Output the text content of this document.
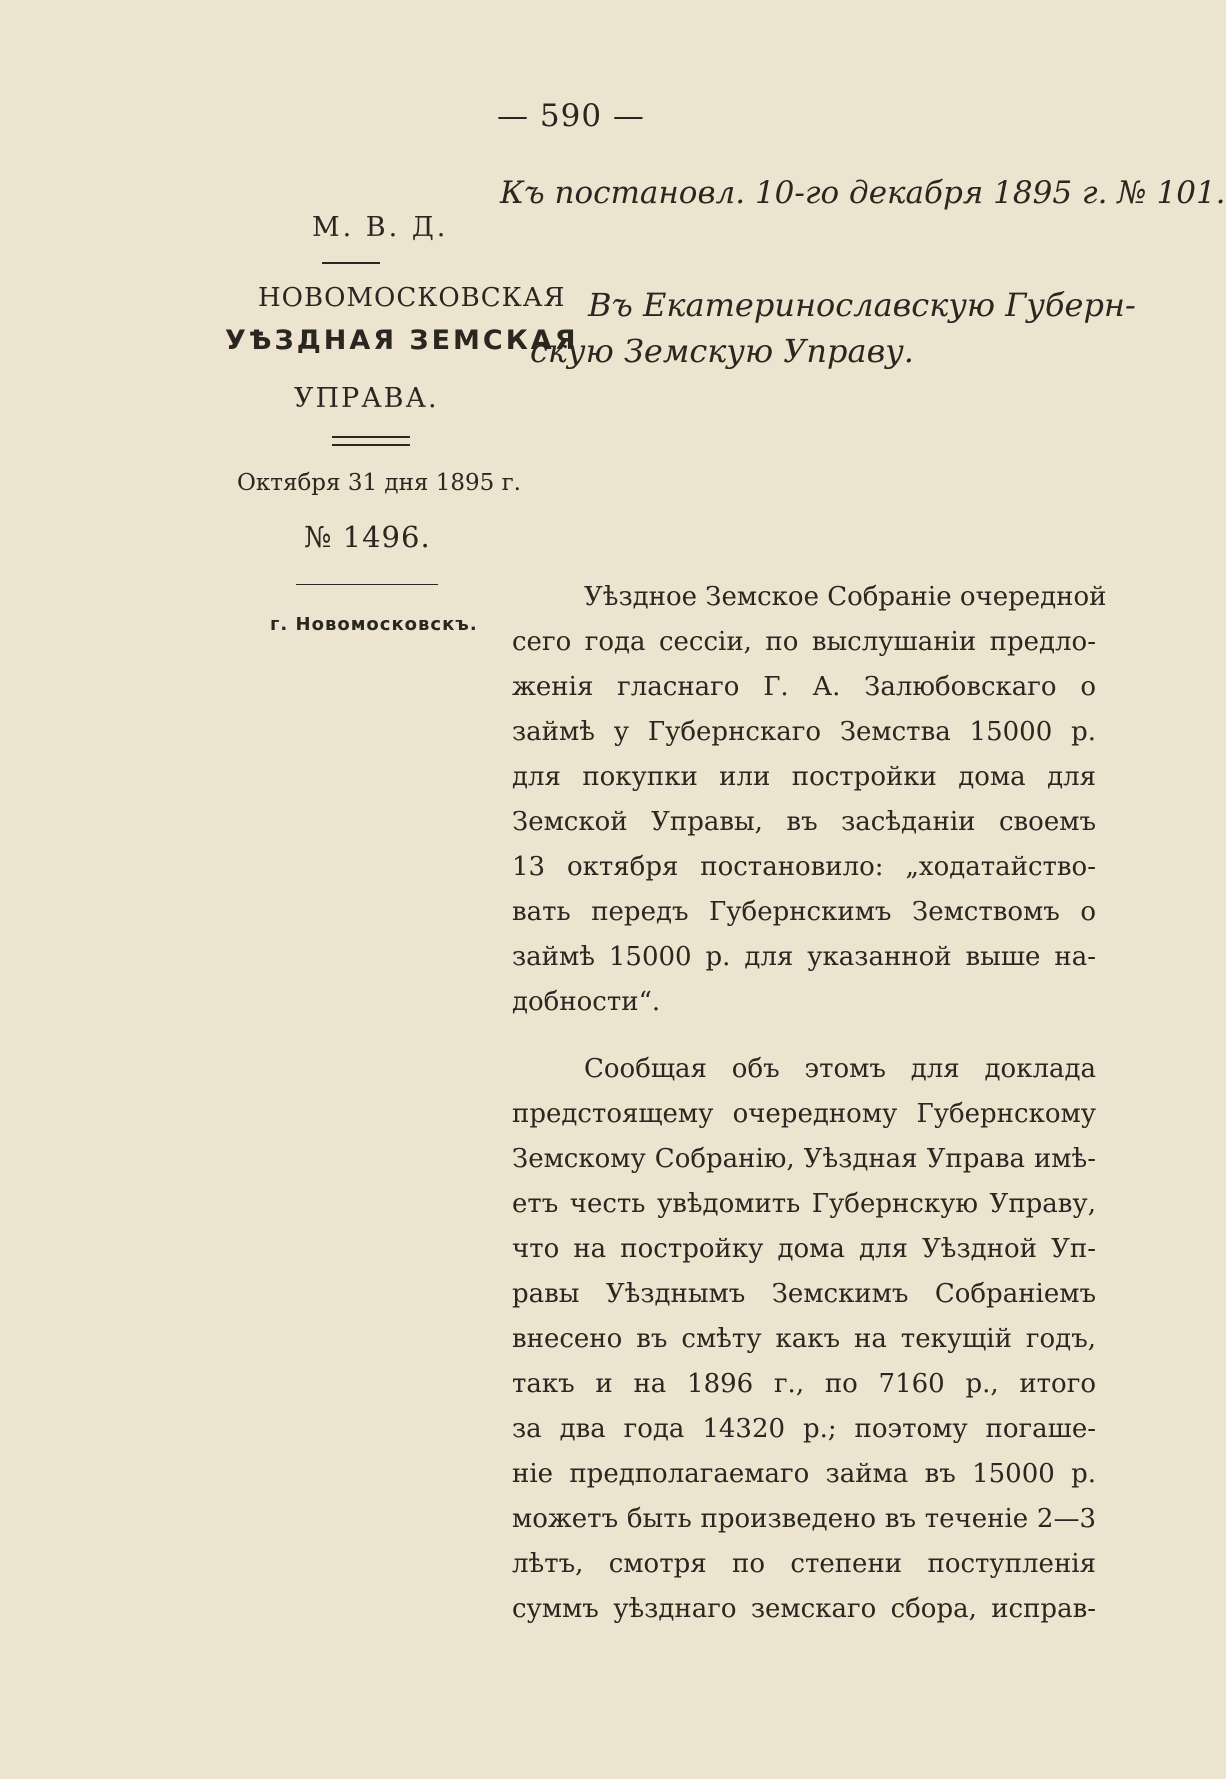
— 590 —
Къ постановл. 10-го декабря 1895 г. № 101.
М. В. Д.
НОВОМОСКОВСКАЯ
УѢЗДНАЯ ЗЕМСКАЯ
УПРАВА.
Октября 31 дня 1895 г.
№ 1496.
г. Новомосковскъ.
Въ Екатеринославскую Губерн-
скую Земскую Управу.
Уѣздное Земское Собраніе очередной
сего года сессіи, по выслушаніи предло-
женія гласнаго Г. А. Залюбовскаго о
займѣ у Губернскаго Земства 15000 р.
для покупки или постройки дома для
Земской Управы, въ засѣданіи своемъ
13 октября постановило: „ходатайство-
вать передъ Губернскимъ Земствомъ о
займѣ 15000 р. для указанной выше на-
добности“.
Сообщая объ этомъ для доклада
предстоящему очередному Губернскому
Земскому Собранію, Уѣздная Управа имѣ-
етъ честь увѣдомить Губернскую Управу,
что на постройку дома для Уѣздной Уп-
равы Уѣзднымъ Земскимъ Собраніемъ
внесено въ смѣту какъ на текущій годъ,
такъ и на 1896 г., по 7160 р., итого
за два года 14320 р.; поэтому погаше-
ніе предполагаемаго займа въ 15000 р.
можетъ быть произведено въ теченіе 2—3
лѣтъ, смотря по степени поступленія
суммъ уѣзднаго земскаго сбора, исправ-
